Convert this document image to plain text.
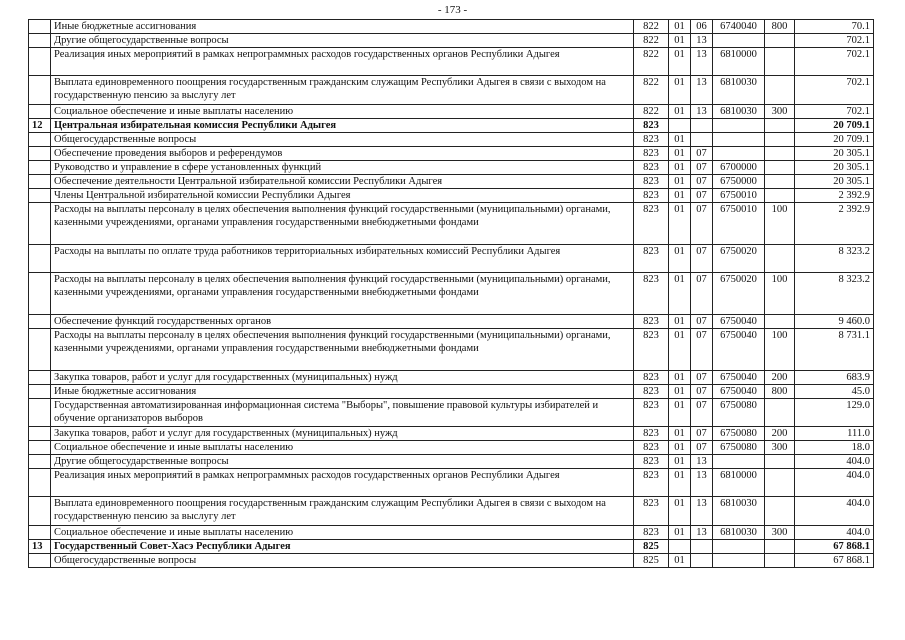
- 173 -
	Иные бюджетные ассигнования	822	01	06	6740040	800	70.1
	Другие общегосударственные вопросы	822	01	13			702.1
	Реализация иных мероприятий в рамках непрограммных расходов государственных органов Республики Адыгея	822	01	13	6810000		702.1
	Выплата единовременного поощрения государственным гражданским служащим Республики Адыгея в связи с выходом на государственную пенсию за выслугу лет	822	01	13	6810030		702.1
	Социальное обеспечение и иные выплаты населению	822	01	13	6810030	300	702.1
12	Центральная избирательная комиссия Республики Адыгея	823					20 709.1
	Общегосударственные вопросы	823	01				20 709.1
	Обеспечение проведения выборов и референдумов	823	01	07			20 305.1
	Руководство и управление в сфере установленных функций	823	01	07	6700000		20 305.1
	Обеспечение деятельности Центральной избирательной комиссии Республики Адыгея	823	01	07	6750000		20 305.1
	Члены Центральной избирательной комиссии Республики Адыгея	823	01	07	6750010		2 392.9
	Расходы на выплаты персоналу в целях обеспечения выполнения функций государственными (муниципальными) органами, казенными учреждениями, органами управления государственными внебюджетными фондами	823	01	07	6750010	100	2 392.9
	Расходы на выплаты по оплате труда работников территориальных избирательных комиссий Республики Адыгея	823	01	07	6750020		8 323.2
	Расходы на выплаты персоналу в целях обеспечения выполнения функций государственными (муниципальными) органами, казенными учреждениями, органами управления государственными внебюджетными фондами	823	01	07	6750020	100	8 323.2
	Обеспечение функций государственных органов	823	01	07	6750040		9 460.0
	Расходы на выплаты персоналу в целях обеспечения выполнения функций государственными (муниципальными) органами, казенными учреждениями, органами управления государственными внебюджетными фондами	823	01	07	6750040	100	8 731.1
	Закупка товаров, работ и услуг для государственных (муниципальных) нужд	823	01	07	6750040	200	683.9
	Иные бюджетные ассигнования	823	01	07	6750040	800	45.0
	Государственная автоматизированная информационная система "Выборы", повышение правовой культуры избирателей и обучение организаторов выборов	823	01	07	6750080		129.0
	Закупка товаров, работ и услуг для государственных (муниципальных) нужд	823	01	07	6750080	200	111.0
	Социальное обеспечение и иные выплаты населению	823	01	07	6750080	300	18.0
	Другие общегосударственные вопросы	823	01	13			404.0
	Реализация иных мероприятий в рамках непрограммных расходов государственных органов Республики Адыгея	823	01	13	6810000		404.0
	Выплата единовременного поощрения государственным гражданским служащим Республики Адыгея в связи с выходом на государственную пенсию за выслугу лет	823	01	13	6810030		404.0
	Социальное обеспечение и иные выплаты населению	823	01	13	6810030	300	404.0
13	Государственный Совет-Хасэ Республики Адыгея	825					67 868.1
	Общегосударственные вопросы	825	01				67 868.1
